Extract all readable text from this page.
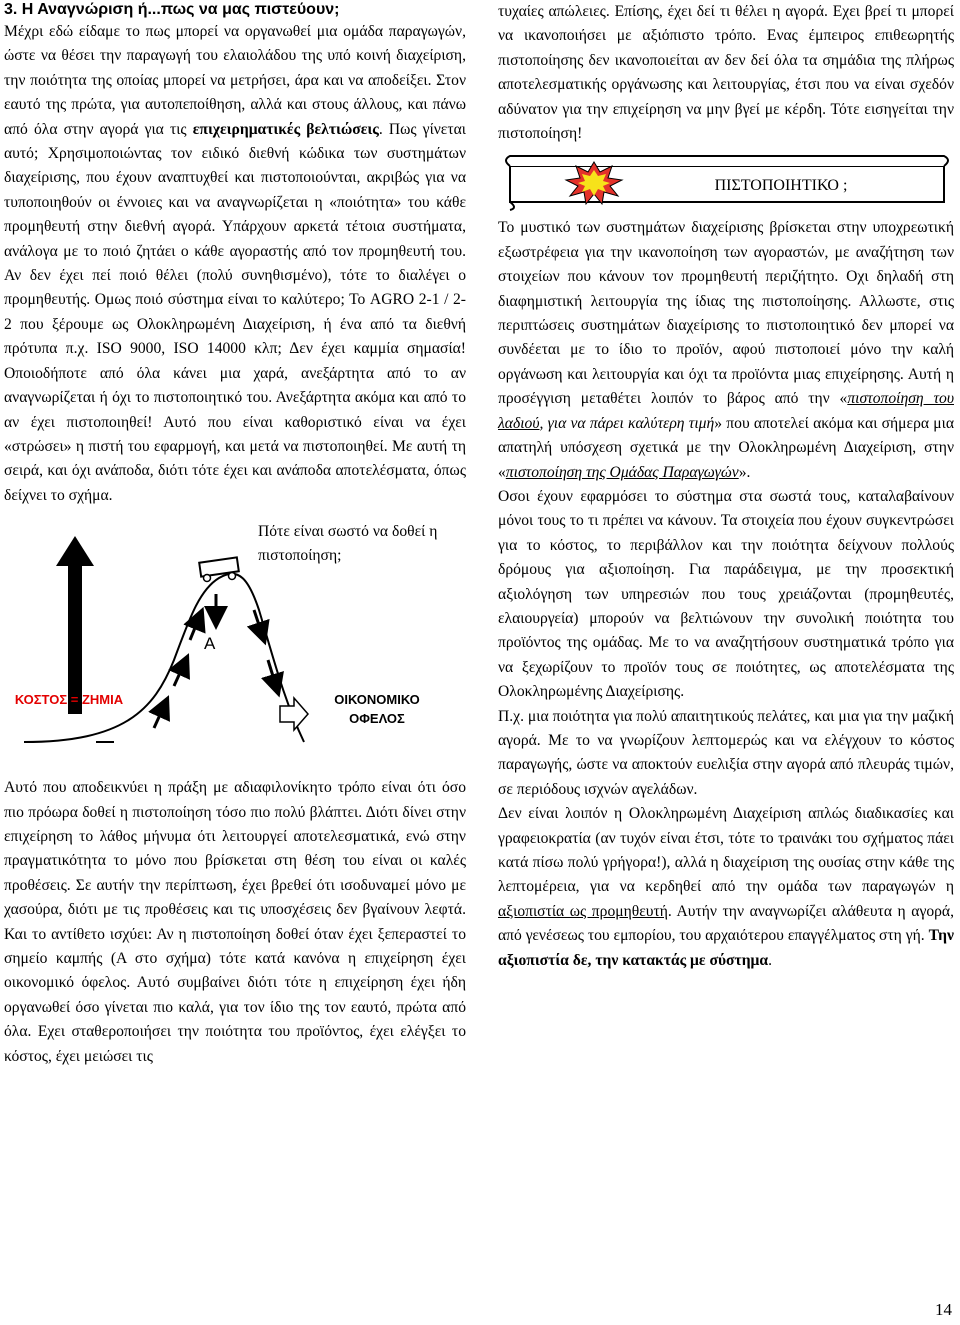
3. Η Αναγνώριση ή...πως να μας πιστεύουν;

Μέχρι εδώ είδαμε το πως μπορεί να οργανωθεί μια ομάδα παραγωγών, ώστε να θέσει την παραγωγή του ελαιολάδου της υπό κοινή διαχείριση, την ποιότητα της οποίας μπορεί να μετρήσει, άρα και να αποδείξει. Στον εαυτό της πρώτα, για αυτοπεποίθηση, αλλά και στους άλλους, και πάνω από όλα στην αγορά για τις επιχειρηματικές βελτιώσεις. Πως γίνεται αυτό; Χρησιμοποιώντας τον ειδικό διεθνή κώδικα των συστημάτων διαχείρισης, που έχουν αναπτυχθεί και πιστοποιούνται, ακριβώς για να τυποποιηθούν οι έννοιες και να αναγνωρίζεται η «ποιότητα» του κάθε προμηθευτή στην διεθνή αγορά. Υπάρχουν αρκετά τέτοια συστήματα, ανάλογα με το ποιό ζητάει ο κάθε αγοραστής από τον προμηθευτή του. Αν δεν έχει πεί ποιό θέλει (πολύ συνηθισμένο), τότε το διαλέγει ο προμηθευτής. Ομως ποιό σύστημα είναι το καλύτερο; Το AGRO 2-1 / 2-2 που ξέρουμε ως Ολοκληρωμένη Διαχείριση, ή ένα από τα διεθνή πρότυπα π.χ. ISO 9000, ISO 14000 κλπ; Δεν έχει καμμία σημασία! Οποιοδήποτε από όλα κάνει μια χαρά, ανεξάρτητα από το αν αναγνωρίζεται ή όχι το πιστοποιητικό του. Ανεξάρτητα ακόμα και από το αν έχει πιστοποιηθεί! Αυτό που είναι καθοριστικό είναι να έχει «στρώσει» η πιστή του εφαρμογή, και μετά να πιστοποιηθεί. Με αυτή τη σειρά, και όχι ανάποδα, διότι τότε έχει και ανάποδα αποτελέσματα, όπως δείχνει το σχήμα.

Πότε είναι σωστό να δοθεί η πιστοποίηση;
A
ΚΟΣΤΟΣ = ΖΗΜΙΑ	ΟΙΚΟΝΟΜΙΚΟ ΟΦΕΛΟΣ

Αυτό που αποδεικνύει η πράξη με αδιαφιλονίκητο τρόπο είναι ότι όσο πιο πρόωρα δοθεί η πιστοποίηση τόσο πιο πολύ βλάπτει. Διότι δίνει στην επιχείρηση το λάθος μήνυμα ότι λειτουργεί αποτελεσματικά, ενώ στην πραγματικότητα το μόνο που βρίσκεται στη θέση του είναι οι καλές προθέσεις. Σε αυτήν την περίπτωση, έχει βρεθεί ότι ισοδυναμεί μόνο με χασούρα, διότι με τις προθέσεις και τις υποσχέσεις δεν βγαίνουν λεφτά. Και το αντίθετο ισχύει: Αν η πιστοποίηση δοθεί όταν έχει ξεπεραστεί το σημείο καμπής (Α στο σχήμα) τότε κατά κανόνα η επιχείρηση έχει οικονομικό όφελος. Αυτό συμβαίνει διότι τότε η επιχείρηση έχει ήδη οργανωθεί όσο γίνεται πιο καλά, για τον ίδιο της τον εαυτό, πρώτα από όλα. Εχει σταθεροποιήσει την ποιότητα του προϊόντος, έχει ελέγξει το κόστος, έχει μειώσει τις

τυχαίες απώλειες. Επίσης, έχει δεί τι θέλει η αγορά. Εχει βρεί τι μπορεί να ικανοποιήσει με αξιόπιστο τρόπο. Ενας έμπειρος επιθεωρητής πιστοποίησης δεν ικανοποιείται αν δεν δεί όλα τα σημάδια της πλήρως αποτελεσματικής οργάνωσης και λειτουργίας, έτσι που να είναι σχεδόν αδύνατον για την επιχείρηση να μην βγεί με κέρδη. Τότε εισηγείται την πιστοποίηση!

ΠΙΣΤΟΠΟΙΗΤΙΚΟ ;

Το μυστικό των συστημάτων διαχείρισης βρίσκεται στην υποχρεωτική εξωστρέφεια για την ικανοποίηση των αγοραστών, με αναζήτηση των στοιχείων που κάνουν τον προμηθευτή περιζήτητο. Οχι δηλαδή στη διαφημιστική λειτουργία της ίδιας της πιστοποίησης. Αλλωστε, στις περιπτώσεις συστημάτων διαχείρισης το πιστοποιητικό δεν μπορεί να συνδέεται με το ίδιο το προϊόν, αφού πιστοποιεί μόνο την καλή οργάνωση και λειτουργία και όχι τα προϊόντα μιας επιχείρησης. Αυτή η προσέγγιση μεταθέτει λοιπόν το βάρος από την «πιστοποίηση του λαδιού, για να πάρει καλύτερη τιμή» που αποτελεί ακόμα και σήμερα μια απατηλή υπόσχεση σχετικά με την Ολοκληρωμένη Διαχείριση, στην «πιστοποίηση της Ομάδας Παραγωγών».

Οσοι έχουν εφαρμόσει το σύστημα στα σωστά τους, καταλαβαίνουν μόνοι τους το τι πρέπει να κάνουν. Τα στοιχεία που έχουν συγκεντρώσει για το κόστος, το περιβάλλον και την ποιότητα δείχνουν πολλούς δρόμους για αξιοποίηση. Για παράδειγμα, με την προσεκτική αξιολόγηση των υπηρεσιών που τους χρειάζονται (προμηθευτές, ελαιουργεία) μπορούν να βελτιώνουν την συνολική ποιότητα του προϊόντος της ομάδας. Με το να αναζητήσουν συστηματικά τρόπο για να ξεχωρίζουν το προϊόν τους σε ποιότητες, ως αποτελέσματα της Ολοκληρωμένης Διαχείρισης.

Π.χ. μια ποιότητα για πολύ απαιτητικούς πελάτες, και μια για την μαζική αγορά. Με το να γνωρίζουν λεπτομερώς και να ελέγχουν το κόστος παραγωγής, ώστε να αποκτούν ευελιξία στην αγορά από πλευράς τιμών, σε περιόδους ισχνών αγελάδων.

Δεν είναι λοιπόν η Ολοκληρωμένη Διαχείριση απλώς διαδικασίες και γραφειοκρατία (αν τυχόν είναι έτσι, τότε το τραινάκι του σχήματος πάει κατά πίσω πολύ γρήγορα!), αλλά η διαχείριση της ουσίας στην κάθε της λεπτομέρεια, για να κερδηθεί από την ομάδα των παραγωγών η αξιοπιστία ως προμηθευτή. Αυτήν την αναγνωρίζει αλάθευτα η αγορά, από γενέσεως του εμπορίου, του αρχαιότερου επαγγέλματος στη γή. Την αξιοπιστία δε, την κατακτάς με σύστημα.

14
